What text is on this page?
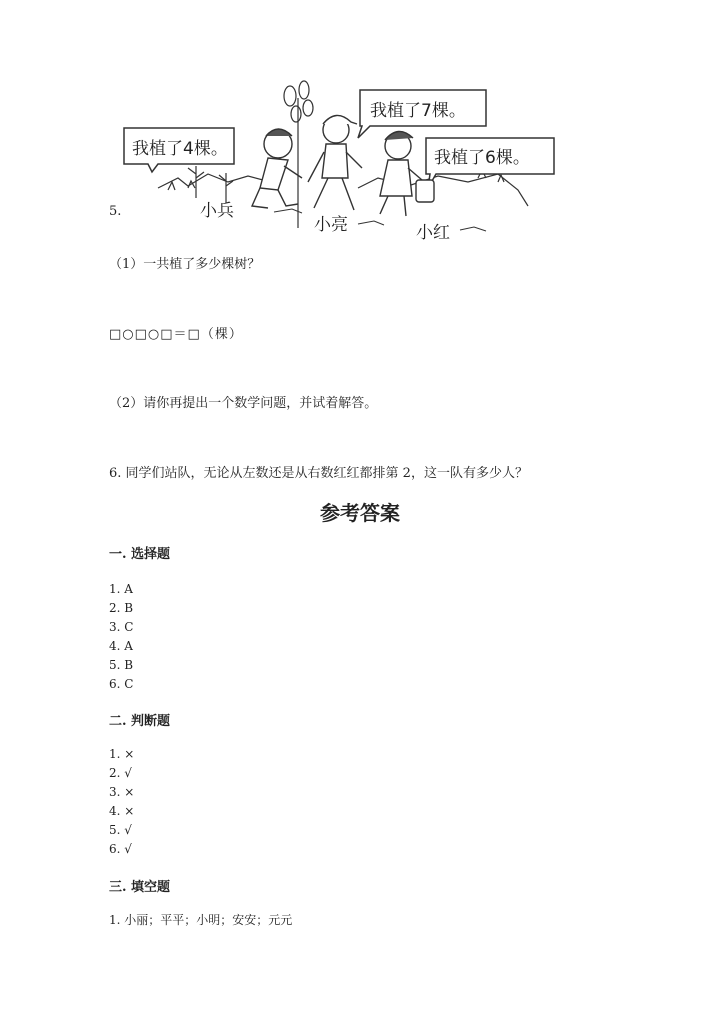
5.
我植了4棵。
我植了7棵。
我植了6棵。
小兵
小亮	小红
（1）一共植了多少棵树？
□○□○□＝□（棵）
（2）请你再提出一个数学问题，并试着解答。
6. 同学们站队，无论从左数还是从右数红红都排第 2，这一队有多少人？
参考答案
一. 选择题
1. A
2. B
3. C
4. A
5. B
6. C
二. 判断题
1. ×
2. √
3. ×
4. ×
5. √
6. √
三. 填空题
1. 小丽；平平；小明；安安；元元
